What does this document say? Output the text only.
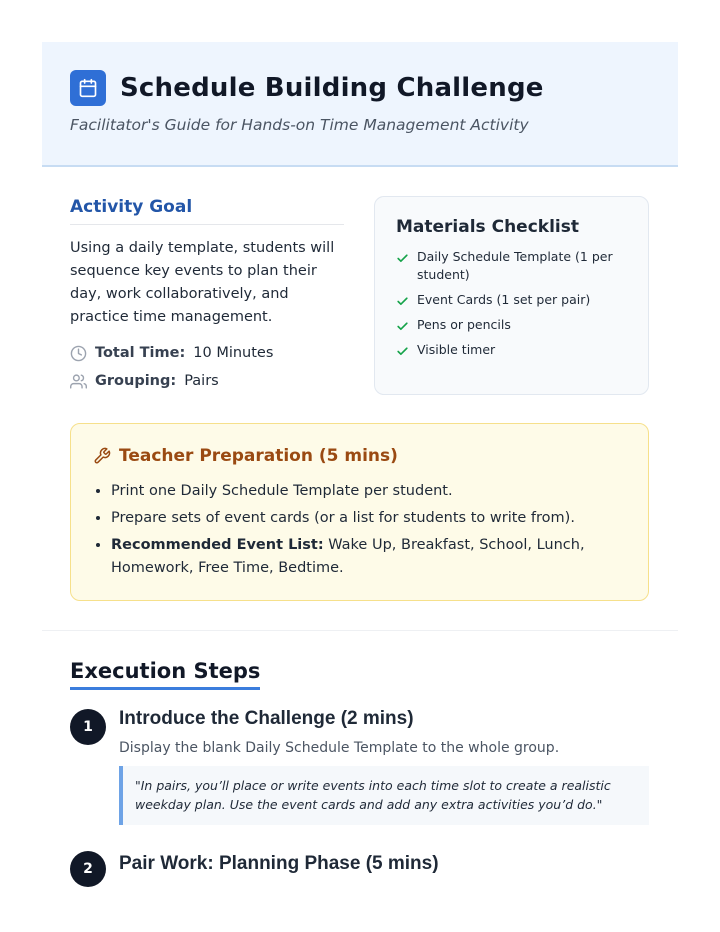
Schedule Building Challenge
Facilitator's Guide for Hands-on Time Management Activity
Activity Goal

Using a daily template, students will sequence key events to plan their day, work collaboratively, and practice time management.

Total Time: 10 Minutes
Grouping: Pairs
Materials Checklist
Daily Schedule Template (1 per student)
Event Cards (1 set per pair)
Pens or pencils
Visible timer
Teacher Preparation (5 mins)
• Print one Daily Schedule Template per student.
• Prepare sets of event cards (or a list for students to write from).
• Recommended Event List: Wake Up, Breakfast, School, Lunch, Homework, Free Time, Bedtime.
Execution Steps
1	Introduce the Challenge (2 mins)

Display the blank Daily Schedule Template to the whole group.

"In pairs, you’ll place or write events into each time slot to create a realistic weekday plan. Use the event cards and add any extra activities you’d do."
2	Pair Work: Planning Phase (5 mins)
